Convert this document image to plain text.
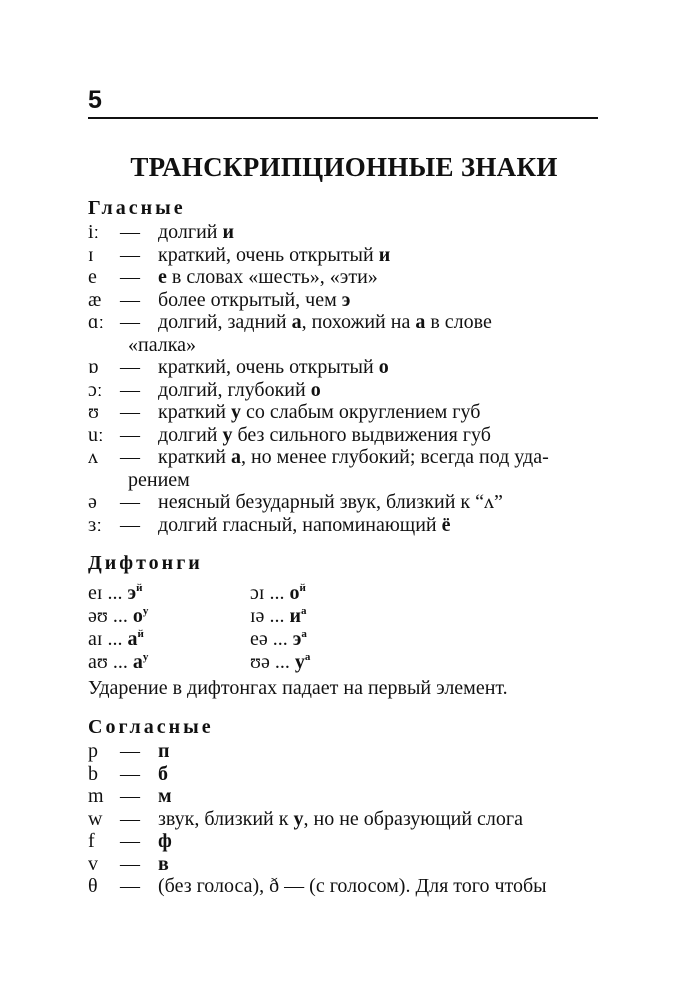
5
ТРАНСКРИПЦИОННЫЕ ЗНАКИ
Гласные
iː	— долгий и
ɪ	— краткий, очень открытый и
e	— е в словах «шесть», «эти»
æ — более открытый, чем э
ɑː — долгий, задний а, похожий на а в слове
«палка»
ɒ	— краткий, очень открытый о
ɔː — долгий, глубокий о
ʊ	— краткий у со слабым округлением губ
uː — долгий у без сильного выдвижения губ
ʌ	— краткий а, но менее глубокий; всегда под уда-
рением
ə	— неясный безударный звук, близкий к “ʌ”
ɜː — долгий гласный, напоминающий ё
Дифтонги
eɪ ... $э^й$	ɔɪ ... $о^й$
əʊ ... $о^у$	ɪə ... $и^а$
aɪ ... $а^й$	eə ... $э^а$
aʊ ... $а^у$	ʊə ... $у^а$
Ударение в дифтонгах падает на первый элемент.
Согласные
p	— п
b	— б
m — м
w — звук, близкий к у, но не образующий слога
f	— ф
v	— в
θ	— (без голоса), ð — (с голосом). Для того чтобы
